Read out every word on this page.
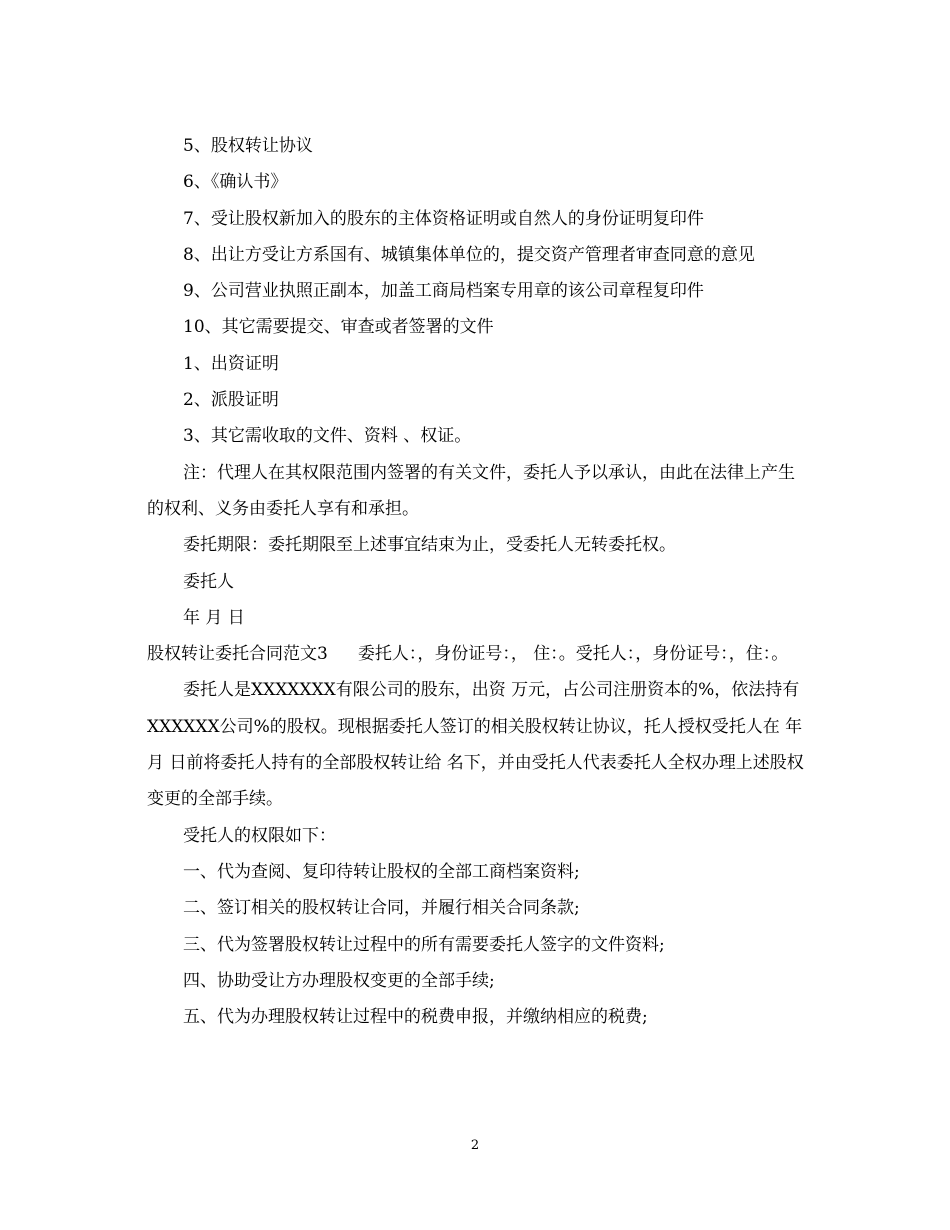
5、股权转让协议

6、《确认书》

7、受让股权新加入的股东的主体资格证明或自然人的身份证明复印件

8、出让方受让方系国有、城镇集体单位的，提交资产管理者审查同意的意见

9、公司营业执照正副本，加盖工商局档案专用章的该公司章程复印件

10、其它需要提交、审查或者签署的文件

1、出资证明

2、派股证明

3、其它需收取的文件、资料 、权证。

注：代理人在其权限范围内签署的有关文件，委托人予以承认，由此在法律上产生的权利、义务由委托人享有和承担。

委托期限：委托期限至上述事宜结束为止，受委托人无转委托权。

委托人

年 月 日

股权转让委托合同范文3 委托人：，身份证号：， 住：。受托人：，身份证号：，住：。

委托人是XXXXXXX有限公司的股东，出资 万元，占公司注册资本的%，依法持有XXXXXX公司%的股权。现根据委托人签订的相关股权转让协议，托人授权受托人在 年 月 日前将委托人持有的全部股权转让给 名下，并由受托人代表委托人全权办理上述股权变更的全部手续。

受托人的权限如下：

一、代为查阅、复印待转让股权的全部工商档案资料;

二、签订相关的股权转让合同，并履行相关合同条款;

三、代为签署股权转让过程中的所有需要委托人签字的文件资料;

四、协助受让方办理股权变更的全部手续;

五、代为办理股权转让过程中的税费申报，并缴纳相应的税费;

2
